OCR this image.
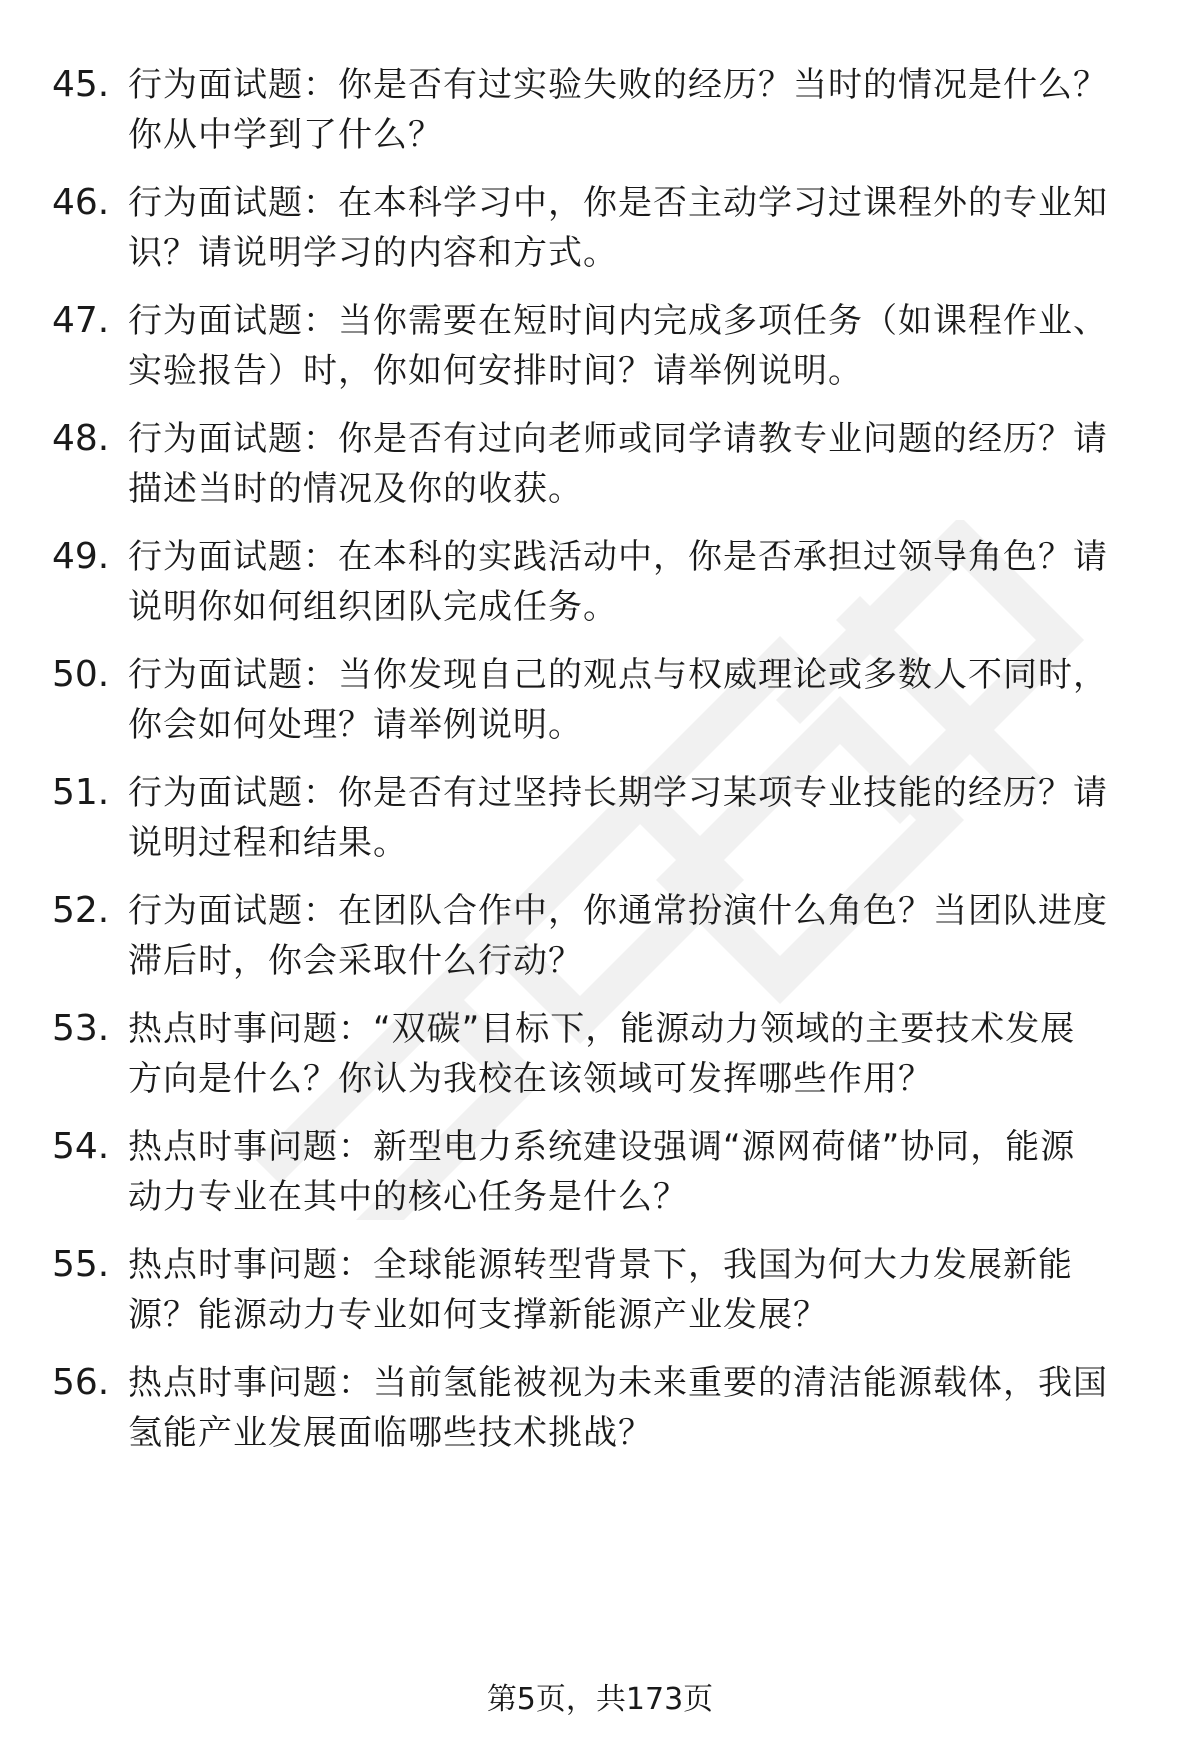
45. 行为面试题：你是否有过实验失败的经历？当时的情况是什么？
你从中学到了什么？
46. 行为面试题：在本科学习中，你是否主动学习过课程外的专业知
识？请说明学习的内容和方式。
47. 行为面试题：当你需要在短时间内完成多项任务（如课程作业、
实验报告）时，你如何安排时间？请举例说明。
48. 行为面试题：你是否有过向老师或同学请教专业问题的经历？请
描述当时的情况及你的收获。
49. 行为面试题：在本科的实践活动中，你是否承担过领导角色？请
说明你如何组织团队完成任务。
50. 行为面试题：当你发现自己的观点与权威理论或多数人不同时，
你会如何处理？请举例说明。
51. 行为面试题：你是否有过坚持长期学习某项专业技能的经历？请
说明过程和结果。
52. 行为面试题：在团队合作中，你通常扮演什么角色？当团队进度
滞后时，你会采取什么行动？
53. 热点时事问题：“双碳”目标下，能源动力领域的主要技术发展
方向是什么？你认为我校在该领域可发挥哪些作用？
54. 热点时事问题：新型电力系统建设强调“源网荷储”协同，能源
动力专业在其中的核心任务是什么？
55. 热点时事问题：全球能源转型背景下，我国为何大力发展新能
源？能源动力专业如何支撑新能源产业发展？
56. 热点时事问题：当前氢能被视为未来重要的清洁能源载体，我国
氢能产业发展面临哪些技术挑战？
第5页，共173页
